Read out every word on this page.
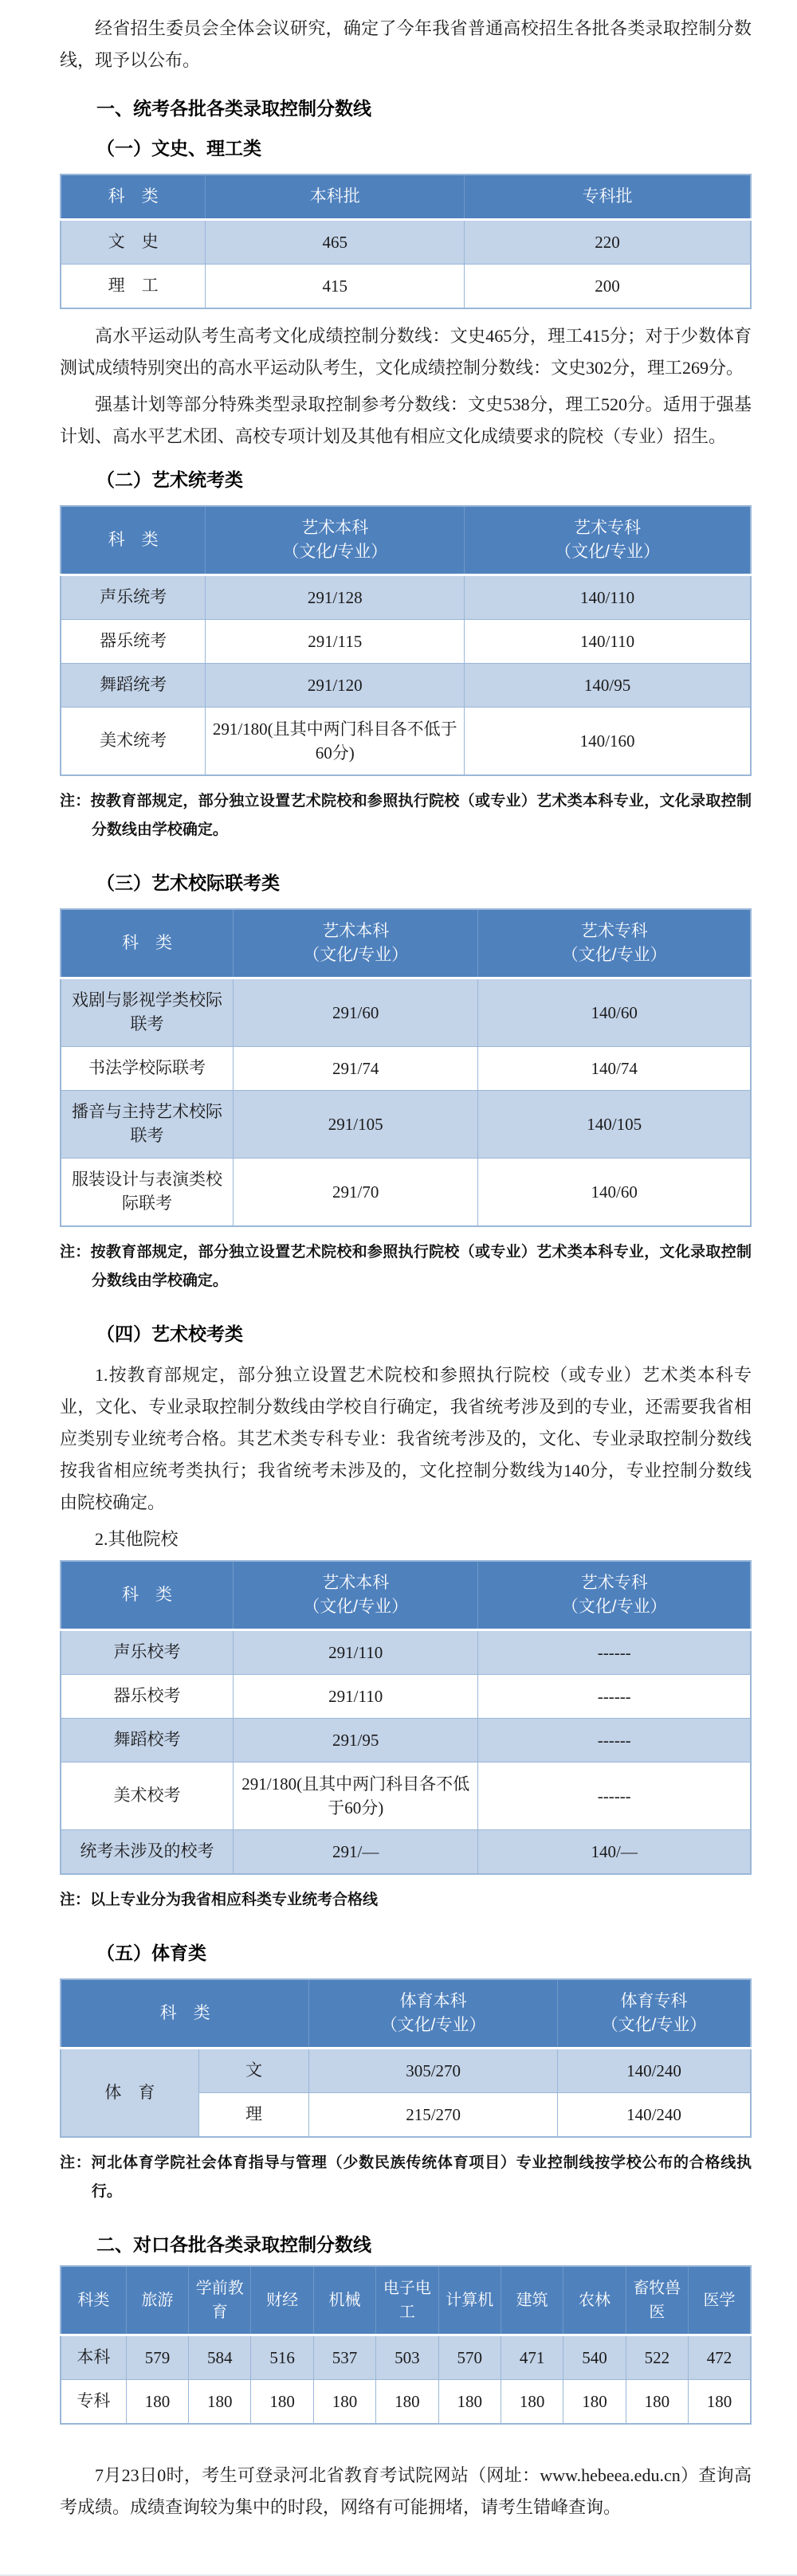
经省招生委员会全体会议研究，确定了今年我省普通高校招生各批各类录取控制分数线，现予以公布。

一、统考各批各类录取控制分数线
（一）文史、理工类
科　类	本科批	专科批
文　史	465	220
理　工	415	200

高水平运动队考生高考文化成绩控制分数线：文史465分，理工415分；对于少数体育测试成绩特别突出的高水平运动队考生，文化成绩控制分数线：文史302分，理工269分。

强基计划等部分特殊类型录取控制参考分数线：文史538分，理工520分。适用于强基计划、高水平艺术团、高校专项计划及其他有相应文化成绩要求的院校（专业）招生。

（二）艺术统考类
科　类	
艺术本科
（文化/专业）

艺术专科
（文化/专业）

声乐统考	291/128	140/110
器乐统考	291/115	140/110
舞蹈统考	291/120	140/95
美术统考	291/180(且其中两门科目各不低于60分)	140/160

注：按教育部规定，部分独立设置艺术院校和参照执行院校（或专业）艺术类本科专业，文化录取控制分数线由学校确定。

（三）艺术校际联考类
科　类	
艺术本科
（文化/专业）

艺术专科
（文化/专业）

戏剧与影视学类校际联考	291/60	140/60
书法学校际联考	291/74	140/74
播音与主持艺术校际联考	291/105	140/105
服装设计与表演类校际联考	291/70	140/60

注：按教育部规定，部分独立设置艺术院校和参照执行院校（或专业）艺术类本科专业，文化录取控制分数线由学校确定。

（四）艺术校考类

1.按教育部规定，部分独立设置艺术院校和参照执行院校（或专业）艺术类本科专业，文化、专业录取控制分数线由学校自行确定，我省统考涉及到的专业，还需要我省相应类别专业统考合格。其艺术类专科专业：我省统考涉及的，文化、专业录取控制分数线按我省相应统考类执行；我省统考未涉及的，文化控制分数线为140分，专业控制分数线由院校确定。

2.其他院校

科　类	
艺术本科
（文化/专业）

艺术专科
（文化/专业）

声乐校考	291/110	------
器乐校考	291/110	------
舞蹈校考	291/95	------
美术校考	291/180(且其中两门科目各不低于60分)	------
统考未涉及的校考	291/—	140/—

注：以上专业分为我省相应科类专业统考合格线

（五）体育类
科　类	
体育本科
（文化/专业）

体育专科
（文化/专业）

体　育	文	305/270	140/240
	理	215/270	140/240

注：河北体育学院社会体育指导与管理（少数民族传统体育项目）专业控制线按学校公布的合格线执行。

二、对口各批各类录取控制分数线
科类	旅游	学前教育	财经	机械	电子电工	计算机	建筑	农林	畜牧兽医	医学
本科	579	584	516	537	503	570	471	540	522	472
专科	180	180	180	180	180	180	180	180	180	180

7月23日0时，考生可登录河北省教育考试院网站（网址：www.hebeea.edu.cn）查询高考成绩。成绩查询较为集中的时段，网络有可能拥堵，请考生错峰查询。
